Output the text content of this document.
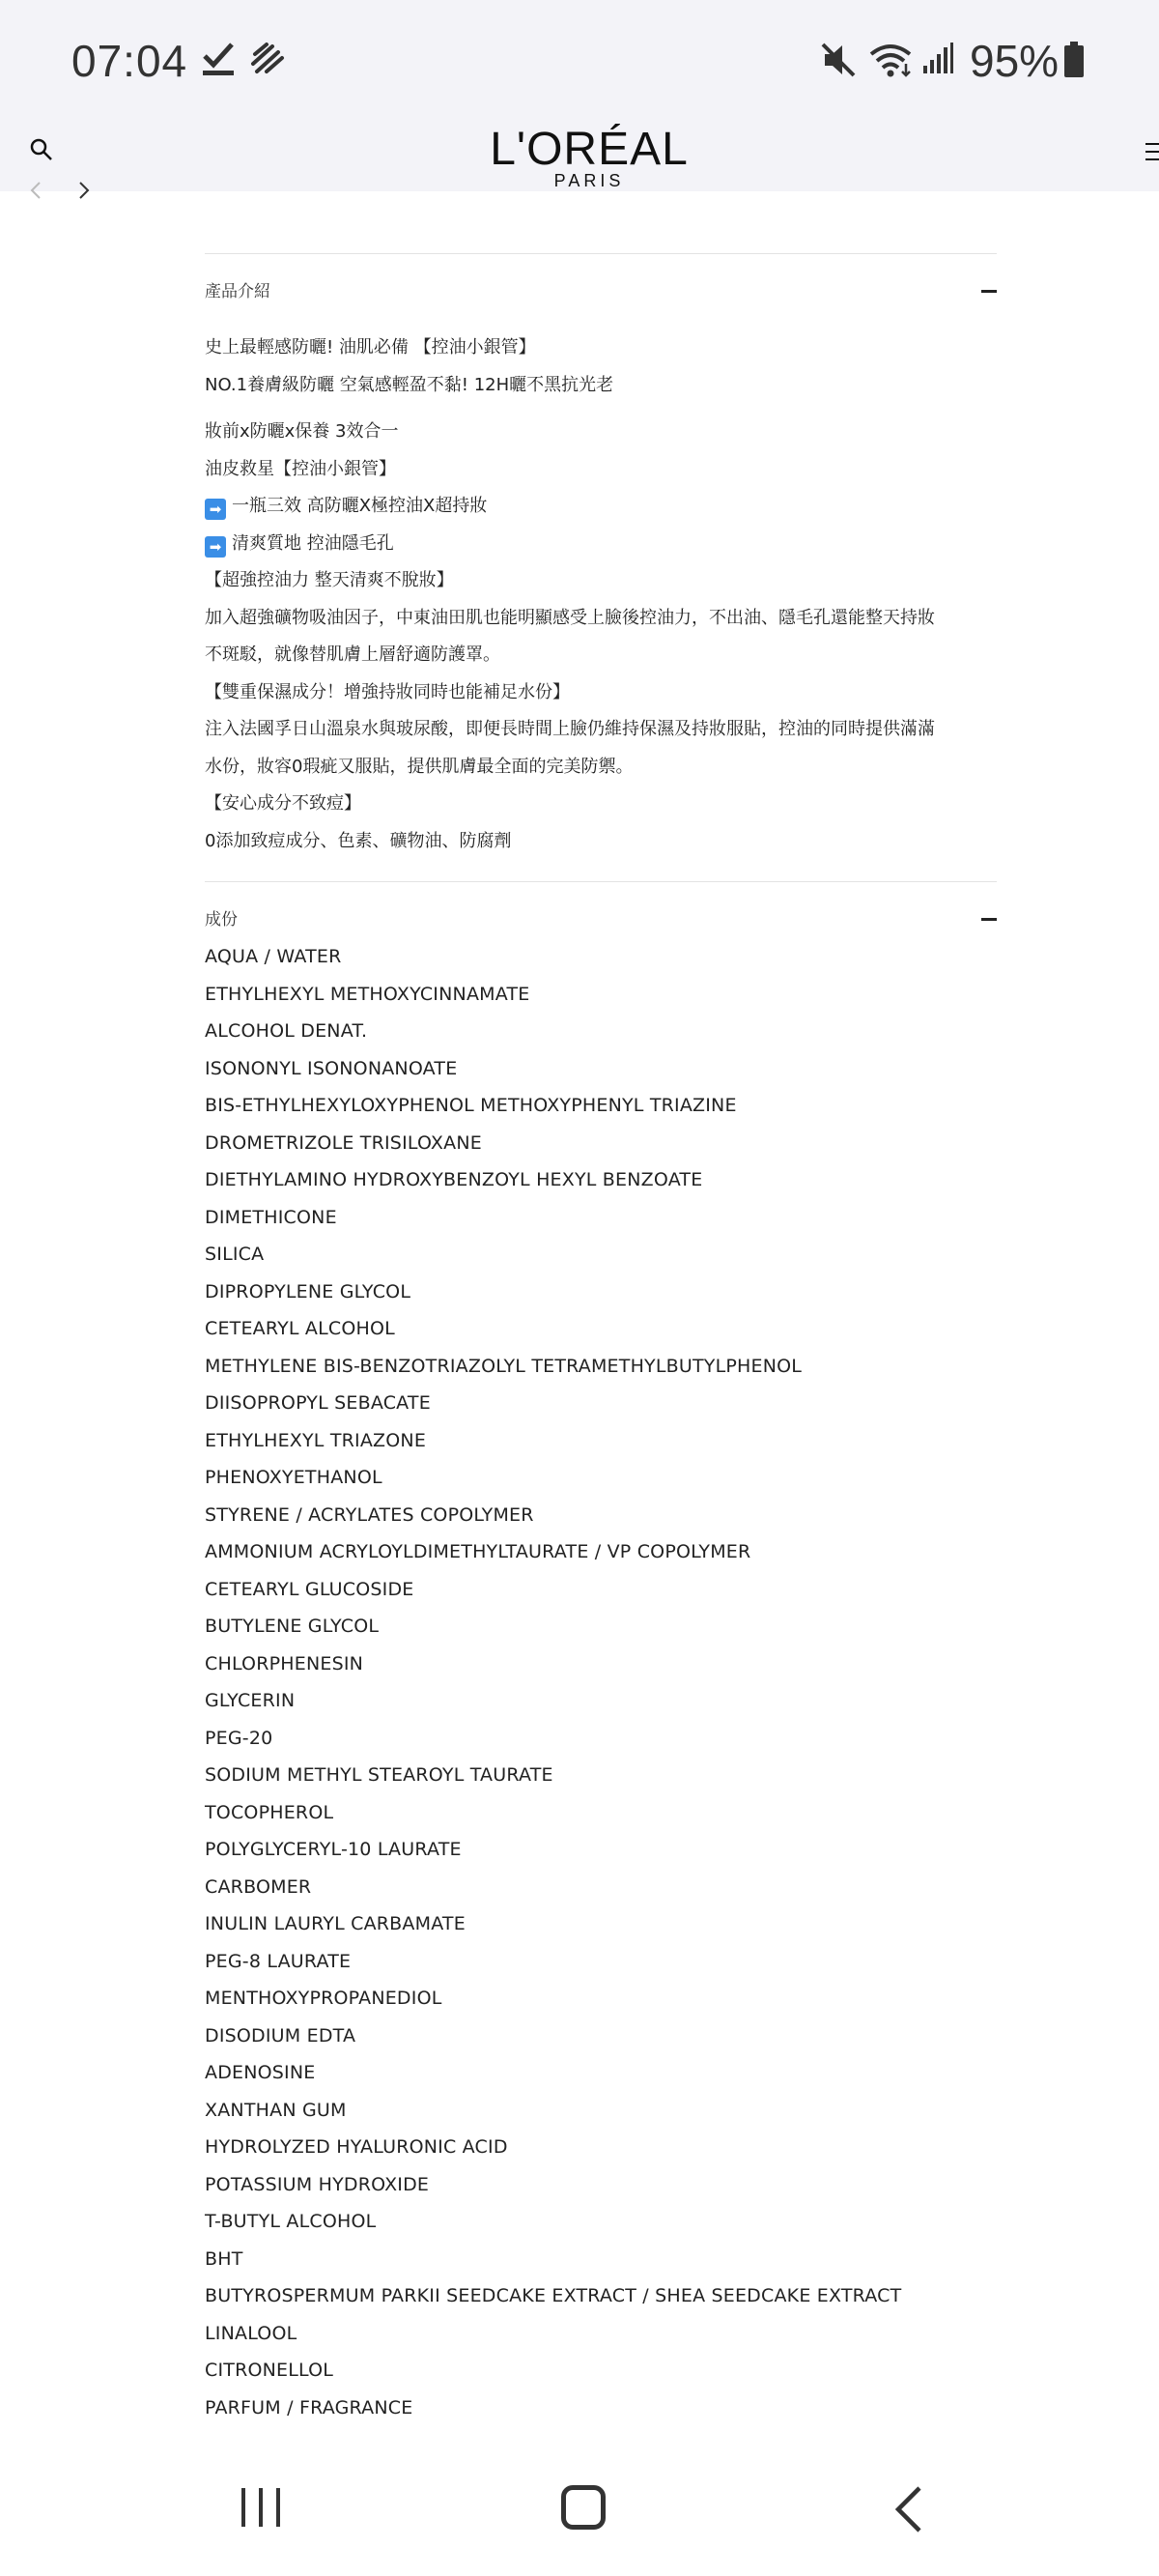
07:04	95%
L'ORÉAL
PARIS
產品介紹

史上最輕感防曬! 油肌必備 【控油小銀管】

NO.1養膚級防曬 空氣感輕盈不黏! 12H曬不黑抗光老

妝前x防曬x保養 3效合一

油皮救星【控油小銀管】

➡ 一瓶三效 高防曬X極控油X超持妝

➡ 清爽質地 控油隱毛孔

【超強控油力 整天清爽不脫妝】

加入超強礦物吸油因子，中東油田肌也能明顯感受上臉後控油力，不出油、隱毛孔還能整天持妝

不斑駁，就像替肌膚上層舒適防護罩。

【雙重保濕成分！增強持妝同時也能補足水份】

注入法國孚日山溫泉水與玻尿酸，即便長時間上臉仍維持保濕及持妝服貼，控油的同時提供滿滿

水份，妝容0瑕疵又服貼，提供肌膚最全面的完美防禦。

【安心成分不致痘】

0添加致痘成分、色素、礦物油、防腐劑

成份
AQUA / WATER
ETHYLHEXYL METHOXYCINNAMATE
ALCOHOL DENAT.
ISONONYL ISONONANOATE
BIS-ETHYLHEXYLOXYPHENOL METHOXYPHENYL TRIAZINE
DROMETRIZOLE TRISILOXANE
DIETHYLAMINO HYDROXYBENZOYL HEXYL BENZOATE
DIMETHICONE
SILICA
DIPROPYLENE GLYCOL
CETEARYL ALCOHOL
METHYLENE BIS-BENZOTRIAZOLYL TETRAMETHYLBUTYLPHENOL
DIISOPROPYL SEBACATE
ETHYLHEXYL TRIAZONE
PHENOXYETHANOL
STYRENE / ACRYLATES COPOLYMER
AMMONIUM ACRYLOYLDIMETHYLTAURATE / VP COPOLYMER
CETEARYL GLUCOSIDE
BUTYLENE GLYCOL
CHLORPHENESIN
GLYCERIN
PEG-20
SODIUM METHYL STEAROYL TAURATE
TOCOPHEROL
POLYGLYCERYL-10 LAURATE
CARBOMER
INULIN LAURYL CARBAMATE
PEG-8 LAURATE
MENTHOXYPROPANEDIOL
DISODIUM EDTA
ADENOSINE
XANTHAN GUM
HYDROLYZED HYALURONIC ACID
POTASSIUM HYDROXIDE
T-BUTYL ALCOHOL
BHT
BUTYROSPERMUM PARKII SEEDCAKE EXTRACT / SHEA SEEDCAKE EXTRACT
LINALOOL
CITRONELLOL
PARFUM / FRAGRANCE
